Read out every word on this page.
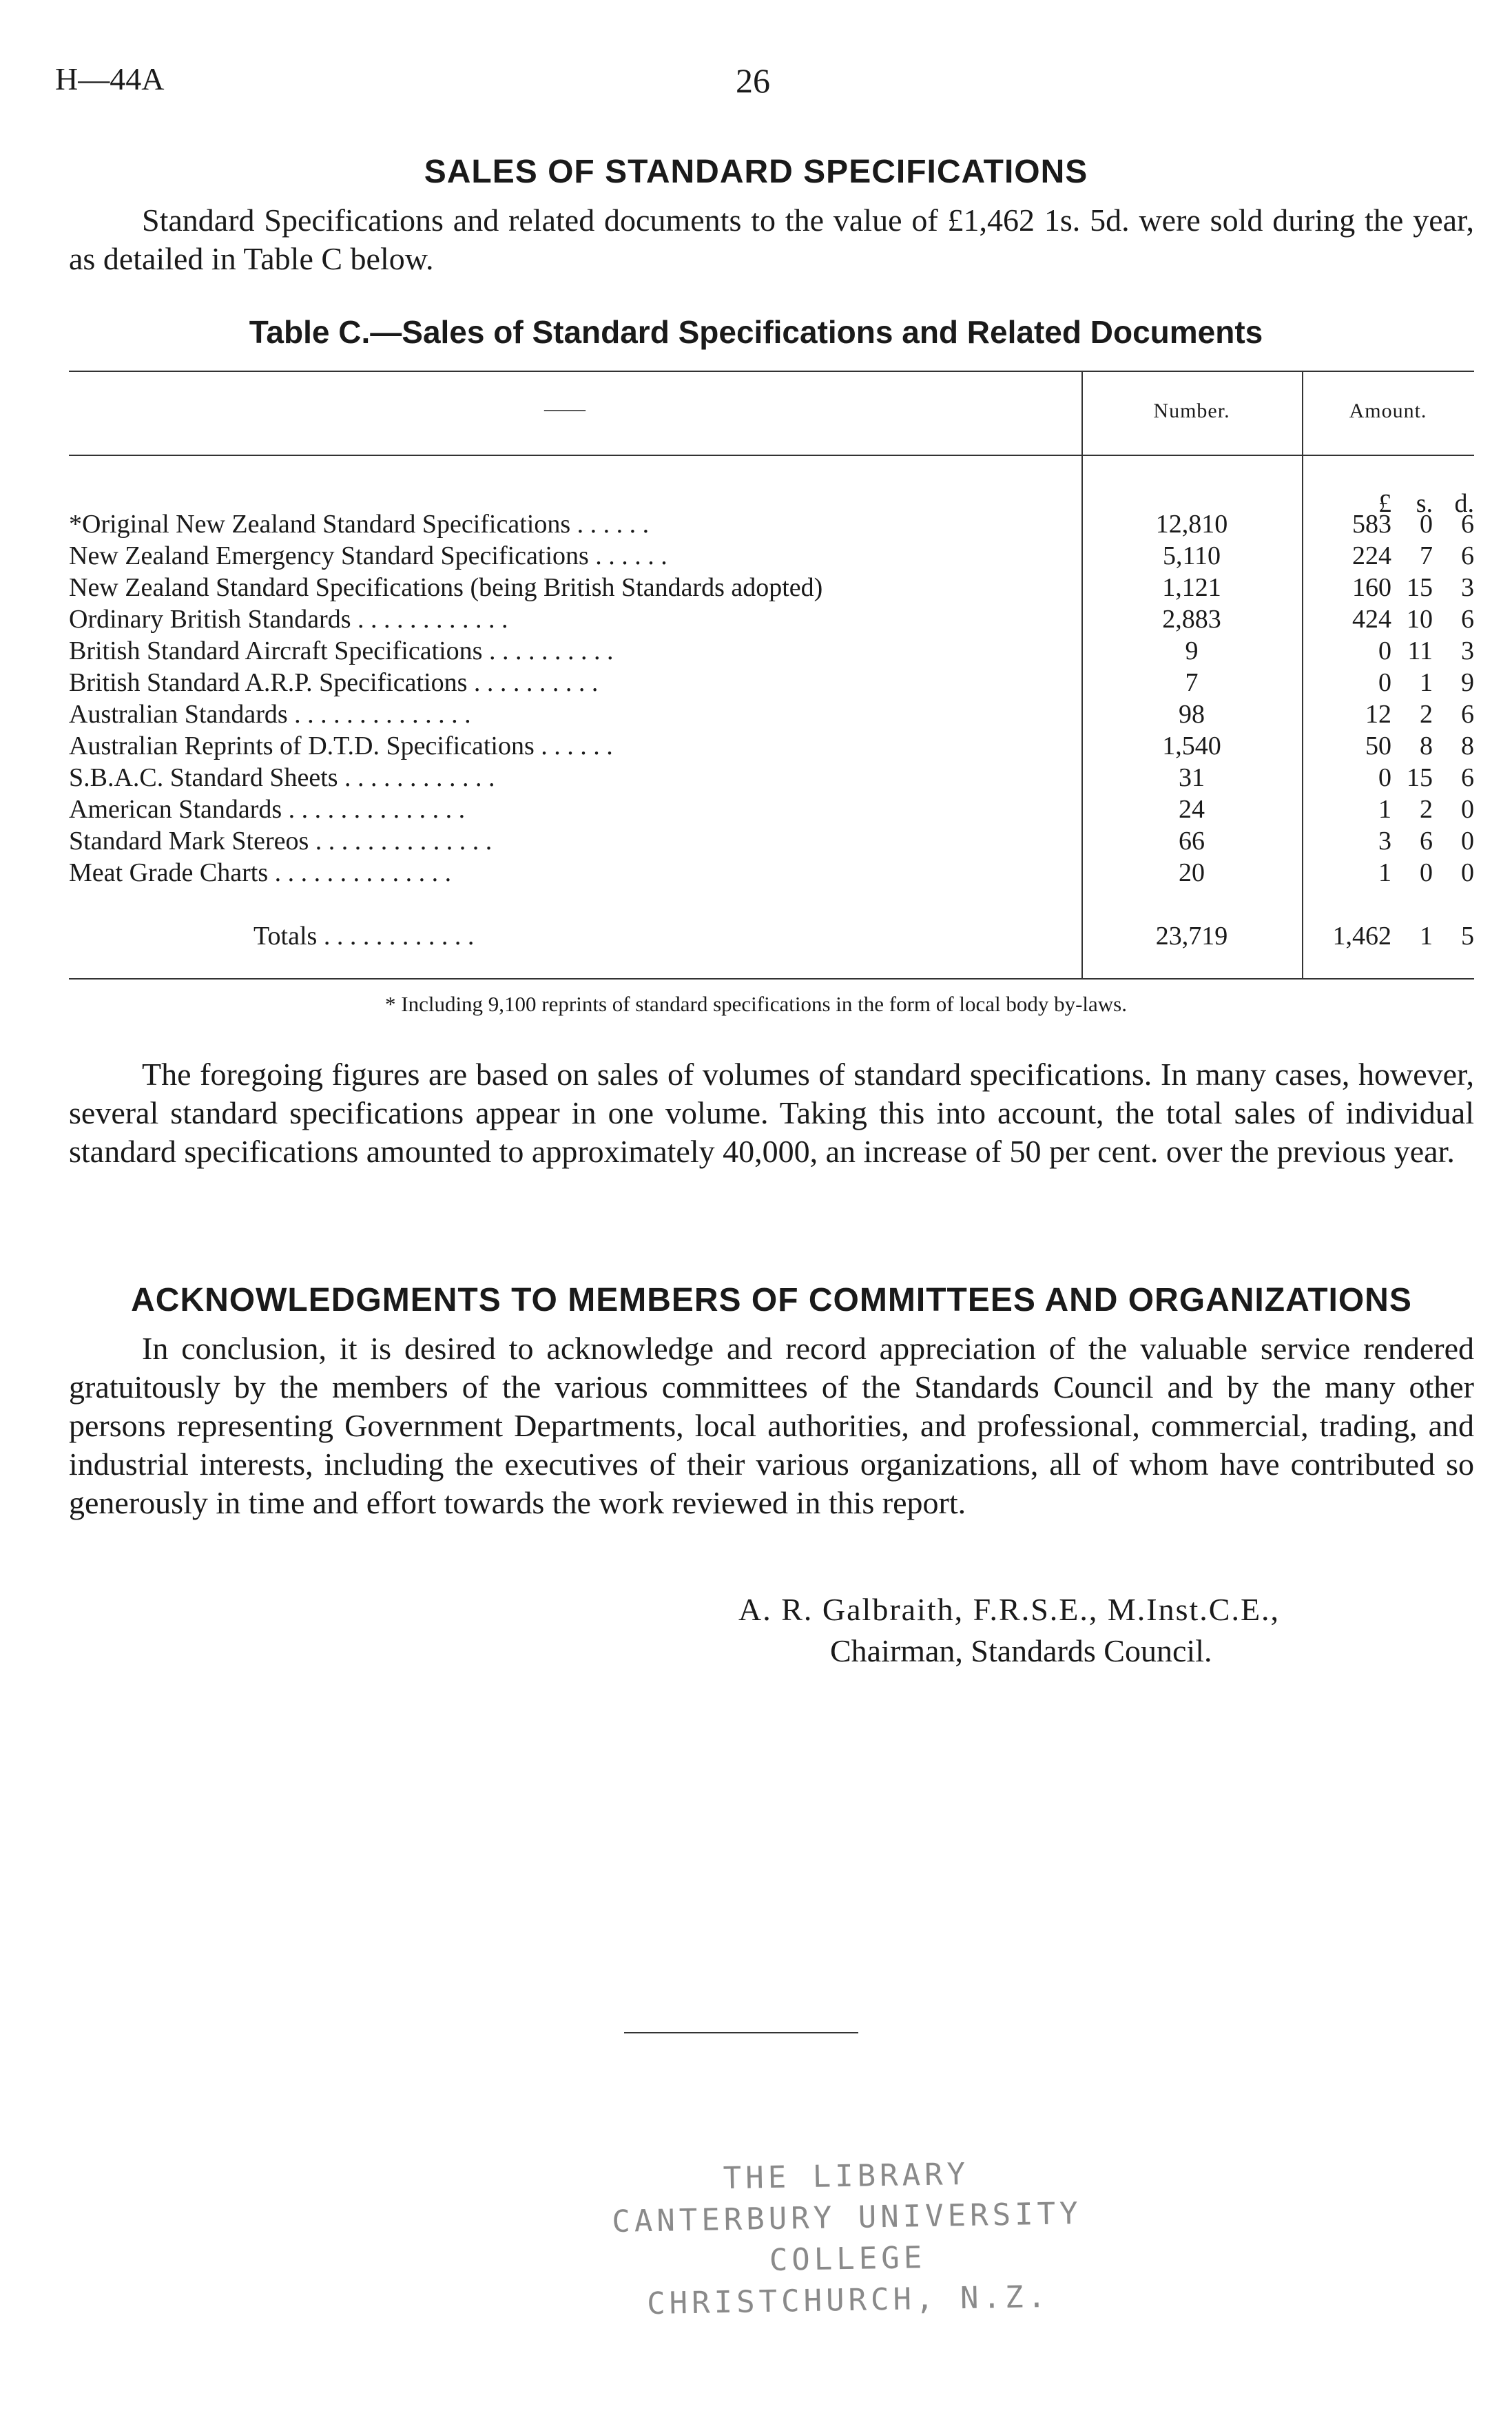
H—44A	26
SALES OF STANDARD SPECIFICATIONS

Standard Specifications and related documents to the value of £1,462 1s. 5d. were sold during the year, as detailed in Table C below.

Table C.—Sales of Standard Specifications and Related Documents
——	Number.	Amount.
£ s. d.
*Original New Zealand Standard Specifications . . . . . .	12,810	583	0	6
New Zealand Emergency Standard Specifications . . . . . .	5,110	224	7	6
New Zealand Standard Specifications (being British Standards adopted)	1,121	160 15	3
Ordinary British Standards . . . . . . . . . . . .	2,883	424 10	6
British Standard Aircraft Specifications . . . . . . . . . .	9	0 11	3
British Standard A.R.P. Specifications . . . . . . . . . .	7	0	1	9
Australian Standards . . . . . . . . . . . . . .	98	12	2	6
Australian Reprints of D.T.D. Specifications . . . . . .	1,540	50	8	8
S.B.A.C. Standard Sheets . . . . . . . . . . . .	31	0 15	6
American Standards . . . . . . . . . . . . . .	24	1	2	0
Standard Mark Stereos . . . . . . . . . . . . . .	66	3	6	0
Meat Grade Charts . . . . . . . . . . . . . .	20	1	0	0
Totals . . . . . . . . . . . .	23,719	1,462	1	5
* Including 9,100 reprints of standard specifications in the form of local body by-laws.

The foregoing figures are based on sales of volumes of standard specifications. In many cases, however, several standard specifications appear in one volume. Taking this into account, the total sales of individual standard specifications amounted to approximately 40,000, an increase of 50 per cent. over the previous year.

ACKNOWLEDGMENTS TO MEMBERS OF COMMITTEES AND ORGANIZATIONS

In conclusion, it is desired to acknowledge and record appreciation of the valuable service rendered gratuitously by the members of the various committees of the Standards Council and by the many other persons representing Government Departments, local authorities, and professional, commercial, trading, and industrial interests, including the executives of their various organizations, all of whom have contributed so generously in time and effort towards the work reviewed in this report.

A. R. Galbraith, F.R.S.E., M.Inst.C.E.,
Chairman, Standards Council.
THE LIBRARY
CANTERBURY UNIVERSITY COLLEGE
CHRISTCHURCH, N.Z.
